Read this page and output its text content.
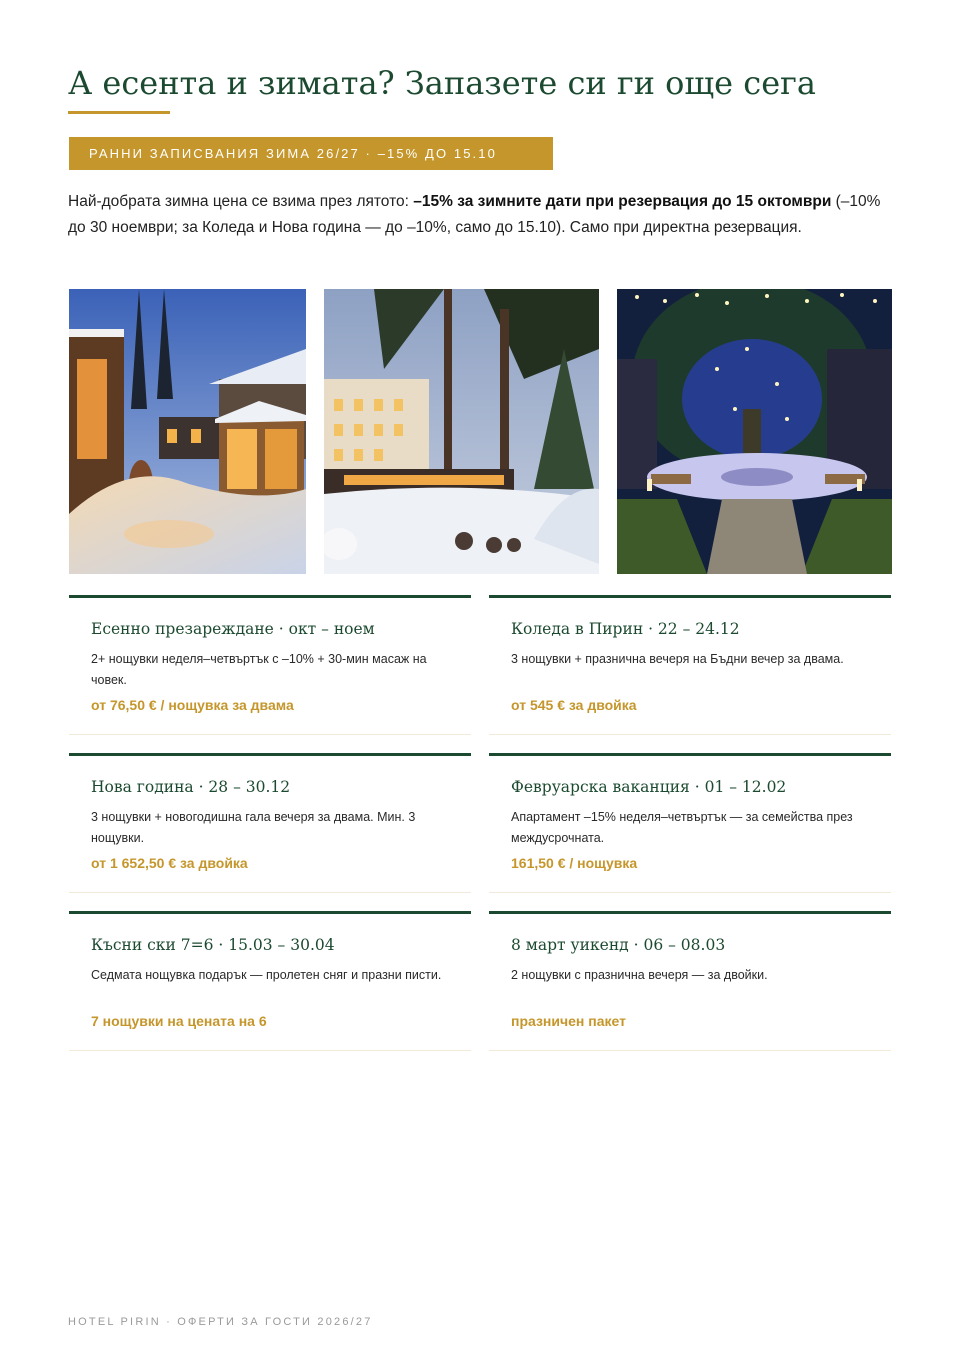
А есента и зимата? Запазете си ги още сега
РАННИ ЗАПИСВАНИЯ ЗИМА 26/27 · –15% ДО 15.10

Най-добрата зимна цена се взима през лятото: –15% за зимните дати при резервация до 15 октомври (–10% до 30 ноември; за Коледа и Нова година — до –10%, само до 15.10). Само при директна резервация.

Есенно презареждане · окт – ноем

2+ нощувки неделя–четвъртък с –10% + 30-мин масаж на човек.

от 76,50 € / нощувка за двама

Коледа в Пирин · 22 – 24.12

3 нощувки + празнична вечеря на Бъдни вечер за двама.

от 545 € за двойка

Нова година · 28 – 30.12

3 нощувки + новогодишна гала вечеря за двама. Мин. 3 нощувки.

от 1 652,50 € за двойка

Февруарска ваканция · 01 – 12.02

Апартамент –15% неделя–четвъртък — за семейства през междусрочната.

161,50 € / нощувка

Късни ски 7=6 · 15.03 – 30.04

Седмата нощувка подарък — пролетен сняг и празни писти.

7 нощувки на цената на 6

8 март уикенд · 06 – 08.03

2 нощувки с празнична вечеря — за двойки.

празничен пакет

HOTEL PIRIN · ОФЕРТИ ЗА ГОСТИ 2026/27
